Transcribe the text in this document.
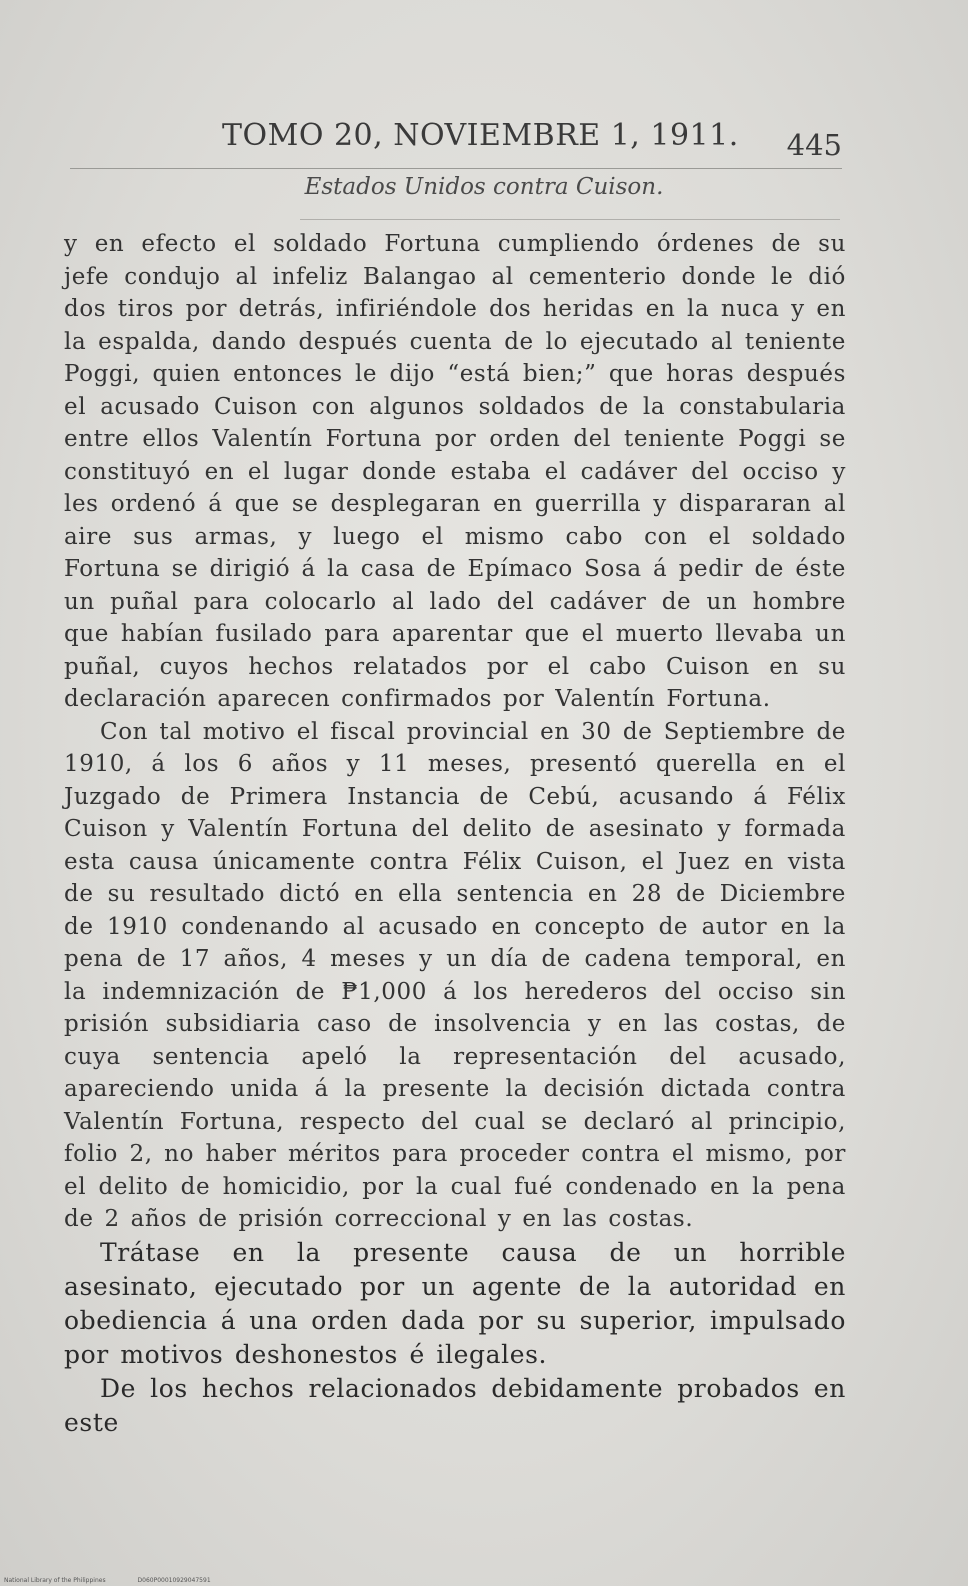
TOMO 20, NOVIEMBRE 1, 1911. 445
Estados Unidos contra Cuison.

y en efecto el soldado Fortuna cumpliendo órdenes de su jefe condujo al infeliz Balangao al cementerio donde le dió dos tiros por detrás, infiriéndole dos heridas en la nuca y en la espalda, dando después cuenta de lo ejecutado al teniente Poggi, quien entonces le dijo “está bien;” que horas después el acusado Cuison con algunos soldados de la constabularia entre ellos Valentín Fortuna por orden del teniente Poggi se constituyó en el lugar donde estaba el cadáver del occiso y les ordenó á que se desplegaran en guerrilla y dispararan al aire sus armas, y luego el mismo cabo con el soldado Fortuna se dirigió á la casa de Epímaco Sosa á pedir de éste un puñal para colocarlo al lado del cadáver de un hombre que habían fusilado para aparentar que el muerto llevaba un puñal, cuyos hechos relatados por el cabo Cuison en su declaración aparecen confirmados por Valentín Fortuna.

Con tal motivo el fiscal provincial en 30 de Septiembre de 1910, á los 6 años y 11 meses, presentó querella en el Juzgado de Primera Instancia de Cebú, acusando á Félix Cuison y Valentín Fortuna del delito de asesinato y formada esta causa únicamente contra Félix Cuison, el Juez en vista de su resultado dictó en ella sentencia en 28 de Diciembre de 1910 condenando al acusado en concepto de autor en la pena de 17 años, 4 meses y un día de cadena temporal, en la indemnización de ₱1,000 á los herederos del occiso sin prisión subsidiaria caso de insolvencia y en las costas, de cuya sentencia apeló la representación del acusado, apareciendo unida á la presente la decisión dictada contra Valentín Fortuna, respecto del cual se declaró al principio, folio 2, no haber méritos para proceder contra el mismo, por el delito de homicidio, por la cual fué condenado en la pena de 2 años de prisión correccional y en las costas.

Trátase en la presente causa de un horrible asesinato, ejecutado por un agente de la autoridad en obediencia á una orden dada por su superior, impulsado por motivos deshonestos é ilegales.

De los hechos relacionados debidamente probados en este

National Library of the Philippines	D060P00010929047591
